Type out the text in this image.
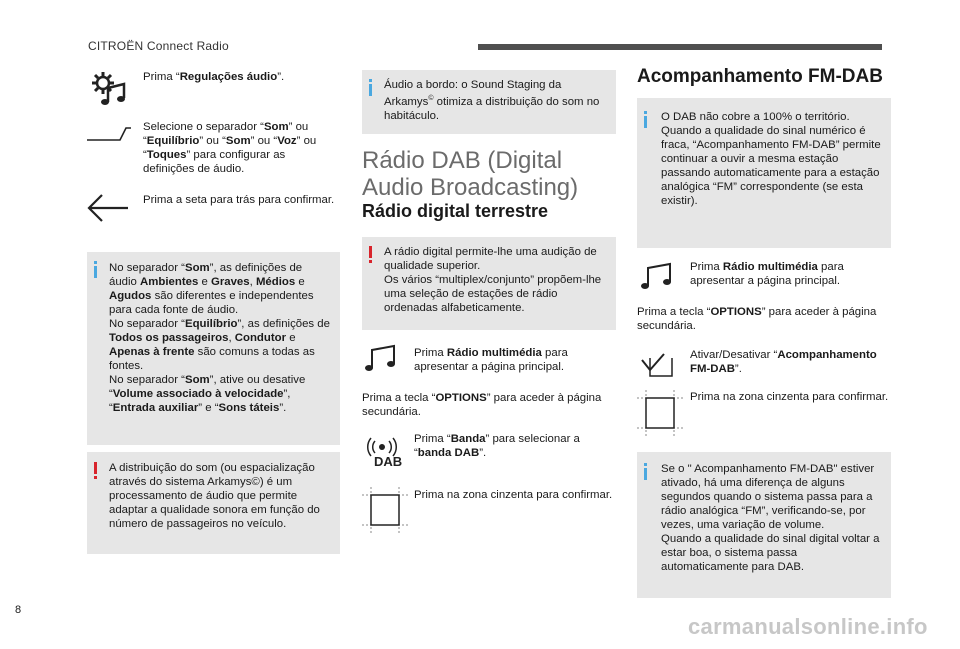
CITROËN Connect Radio
Prima “Regulações áudio”.
Selecione o separador “Som” ou “Equilíbrio” ou “Som” ou “Voz” ou “Toques” para configurar as definições de áudio.
Prima a seta para trás para confirmar.
No separador “Som”, as definições de áudio Ambientes e Graves, Médios e Agudos são diferentes e independentes para cada fonte de áudio.
No separador “Equilíbrio”, as definições de Todos os passageiros, Condutor e Apenas à frente são comuns a todas as fontes.
No separador “Som”, ative ou desative “Volume associado à velocidade”, “Entrada auxiliar” e “Sons táteis”.
A distribuição do som (ou espacialização através do sistema Arkamys©) é um processamento de áudio que permite adaptar a qualidade sonora em função do número de passageiros no veículo.
Áudio a bordo: o Sound Staging da Arkamys© otimiza a distribuição do som no habitáculo.
Rádio DAB (Digital Audio Broadcasting)
Rádio digital terrestre
A rádio digital permite-lhe uma audição de qualidade superior.
Os vários “multiplex/conjunto” propõem-lhe uma seleção de estações de rádio ordenadas alfabeticamente.
Prima Rádio multimédia para apresentar a página principal.
Prima a tecla “OPTIONS” para aceder à página secundária.
DAB
Prima “Banda” para selecionar a “banda DAB”.
Prima na zona cinzenta para confirmar.
Acompanhamento FM-DAB
O DAB não cobre a 100% o território. Quando a qualidade do sinal numérico é fraca, “Acompanhamento FM-DAB” permite continuar a ouvir a mesma estação passando automaticamente para a estação analógica “FM” correspondente (se esta existir).
Prima Rádio multimédia para apresentar a página principal.
Prima a tecla “OPTIONS” para aceder à página secundária.
Ativar/Desativar “Acompanhamento FM-DAB”.
Prima na zona cinzenta para confirmar.
Se o " Acompanhamento FM-DAB" estiver ativado, há uma diferença de alguns segundos quando o sistema passa para a rádio analógica “FM”, verificando-se, por vezes, uma variação de volume.
Quando a qualidade do sinal digital voltar a estar boa, o sistema passa automaticamente para DAB.
8
carmanualsonline.info
